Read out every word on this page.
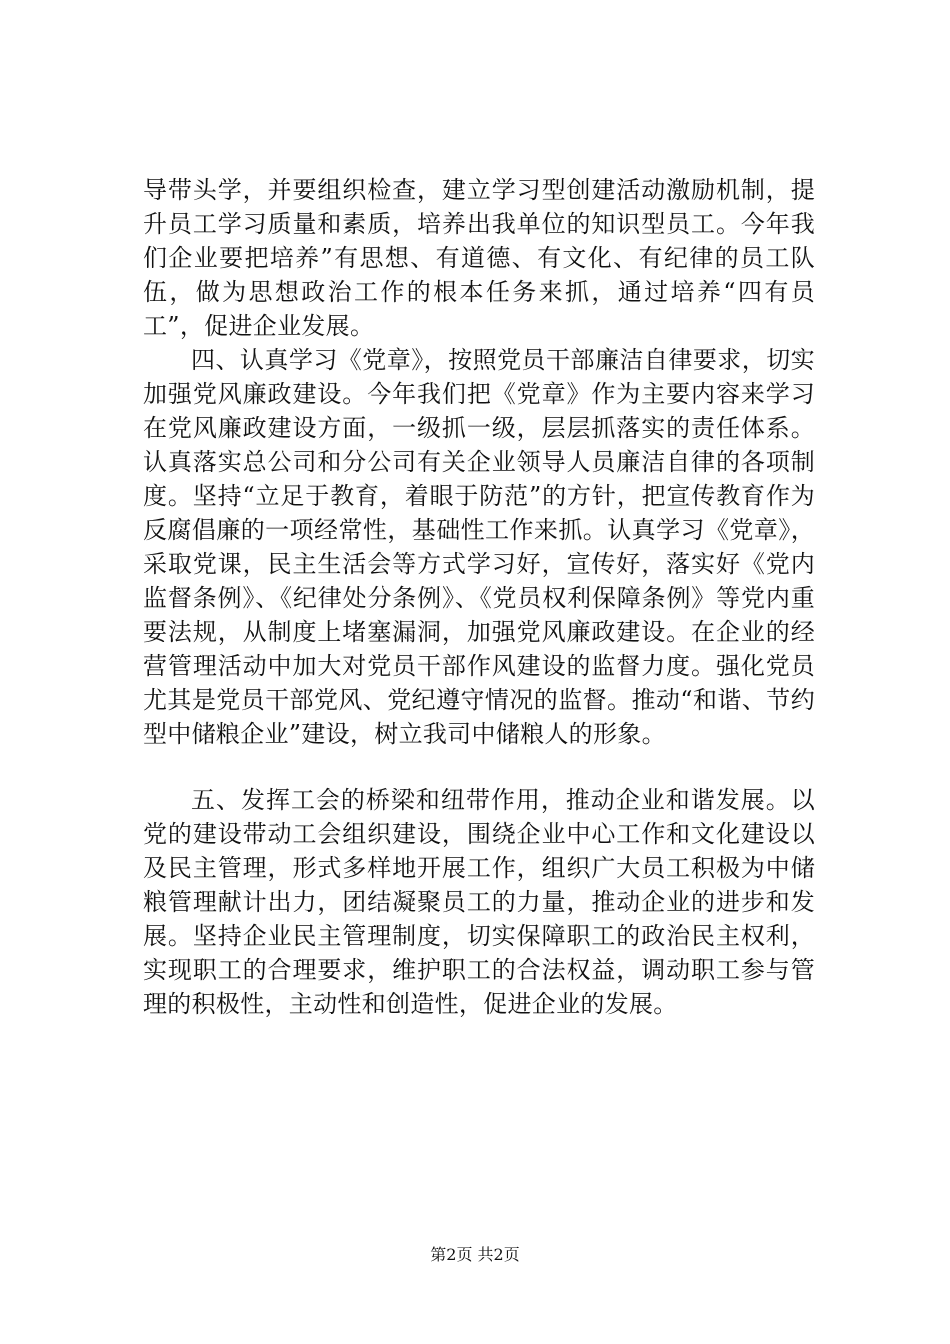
导带头学，并要组织检查，建立学习型创建活动激励机制，提升员工学习质量和素质，培养出我单位的知识型员工。今年我们企业要把培养”有思想、有道德、有文化、有纪律的员工队伍，做为思想政治工作的根本任务来抓，通过培养“四有员工”，促进企业发展。

四、认真学习《党章》，按照党员干部廉洁自律要求，切实加强党风廉政建设。今年我们把《党章》作为主要内容来学习在党风廉政建设方面，一级抓一级，层层抓落实的责任体系。认真落实总公司和分公司有关企业领导人员廉洁自律的各项制度。坚持“立足于教育，着眼于防范”的方针，把宣传教育作为反腐倡廉的一项经常性，基础性工作来抓。认真学习《党章》，采取党课，民主生活会等方式学习好，宣传好，落实好《党内监督条例》、《纪律处分条例》、《党员权利保障条例》等党内重要法规，从制度上堵塞漏洞，加强党风廉政建设。在企业的经营管理活动中加大对党员干部作风建设的监督力度。强化党员尤其是党员干部党风、党纪遵守情况的监督。推动“和谐、节约型中储粮企业”建设，树立我司中储粮人的形象。

五、发挥工会的桥梁和纽带作用，推动企业和谐发展。以党的建设带动工会组织建设，围绕企业中心工作和文化建设以及民主管理，形式多样地开展工作，组织广大员工积极为中储粮管理献计出力，团结凝聚员工的力量，推动企业的进步和发展。坚持企业民主管理制度，切实保障职工的政治民主权利，实现职工的合理要求，维护职工的合法权益，调动职工参与管理的积极性，主动性和创造性，促进企业的发展。

第2页 共2页
